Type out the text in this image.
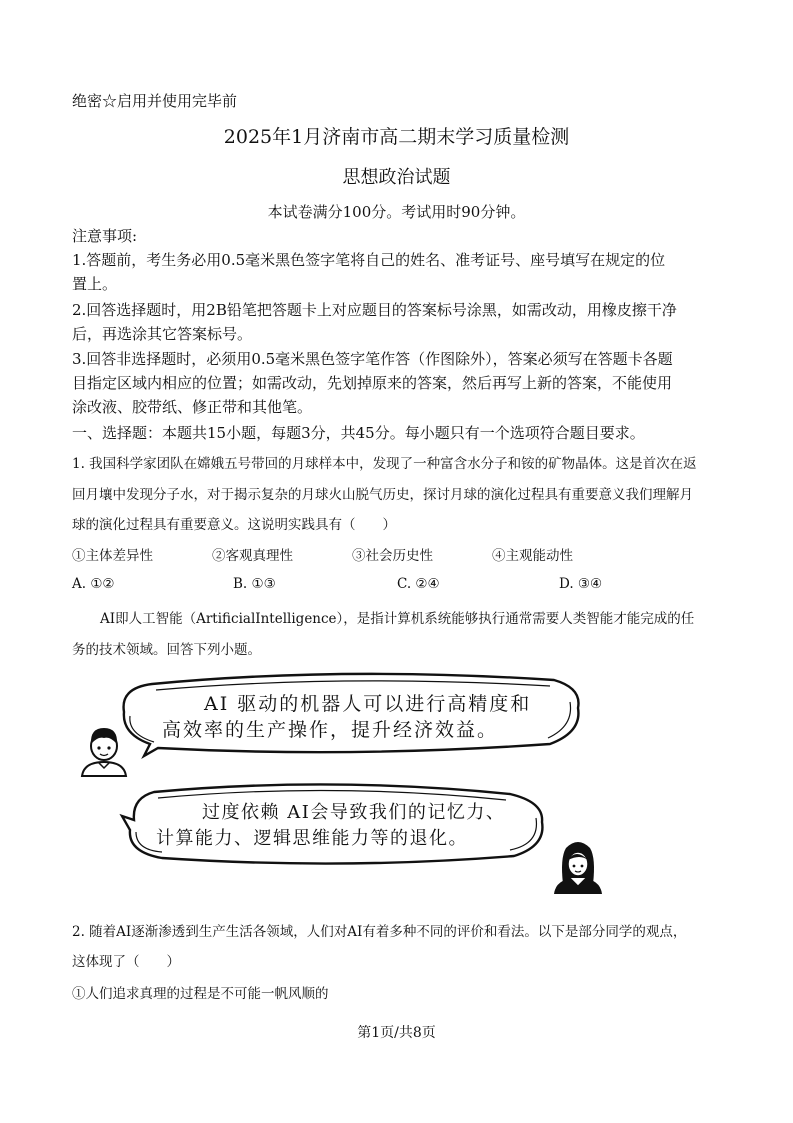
绝密☆启用并使用完毕前
2025年1月济南市高二期末学习质量检测
思想政治试题
本试卷满分100分。考试用时90分钟。
注意事项:
1.答题前，考生务必用0.5毫米黑色签字笔将自己的姓名、准考证号、座号填写在规定的位
置上。
2.回答选择题时，用2B铅笔把答题卡上对应题目的答案标号涂黑，如需改动，用橡皮擦干净
后，再选涂其它答案标号。
3.回答非选择题时，必须用0.5毫米黑色签字笔作答（作图除外），答案必须写在答题卡各题
目指定区域内相应的位置；如需改动，先划掉原来的答案，然后再写上新的答案，不能使用
涂改液、胶带纸、修正带和其他笔。
一、选择题：本题共15小题，每题3分，共45分。每小题只有一个选项符合题目要求。
1. 我国科学家团队在嫦娥五号带回的月球样本中，发现了一种富含水分子和铵的矿物晶体。这是首次在返
回月壤中发现分子水，对于揭示复杂的月球火山脱气历史，探讨月球的演化过程具有重要意义我们理解月
球的演化过程具有重要意义。这说明实践具有（　　）
①主体差异性	②客观真理性	③社会历史性	④主观能动性
A. ①②	B. ①③	C. ②④	D. ③④
AI即人工智能（ArtificialIntelligence），是指计算机系统能够执行通常需要人类智能才能完成的任
务的技术领域。回答下列小题。
AI 驱动的机器人可以进行高精度和
高效率的生产操作，提升经济效益。
过度依赖 AI会导致我们的记忆力、
计算能力、逻辑思维能力等的退化。
2. 随着AI逐渐渗透到生产生活各领域，人们对AI有着多种不同的评价和看法。以下是部分同学的观点，
这体现了（　　）
①人们追求真理的过程是不可能一帆风顺的
第1页/共8页
